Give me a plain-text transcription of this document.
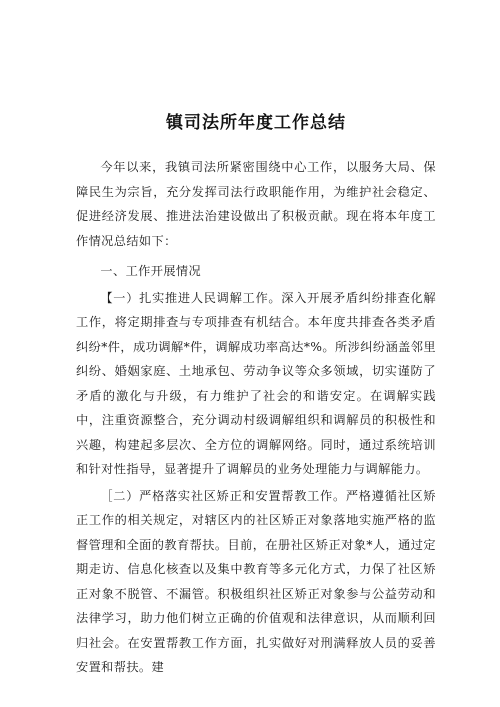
镇司法所年度工作总结

今年以来，我镇司法所紧密围绕中心工作，以服务大局、保障民生为宗旨，充分发挥司法行政职能作用，为维护社会稳定、促进经济发展、推进法治建设做出了积极贡献。现在将本年度工作情况总结如下：

一、工作开展情况

【一）扎实推进人民调解工作。深入开展矛盾纠纷排查化解工作，将定期排查与专项排查有机结合。本年度共排查各类矛盾纠纷*件，成功调解*件，调解成功率高达*%。所涉纠纷涵盖邻里纠纷、婚姻家庭、土地承包、劳动争议等众多领域，切实谨防了矛盾的激化与升级，有力维护了社会的和谐安定。在调解实践中，注重资源整合，充分调动村级调解组织和调解员的积极性和兴趣，构建起多层次、全方位的调解网络。同时，通过系统培训和针对性指导，显著提升了调解员的业务处理能力与调解能力。

［二）严格落实社区矫正和安置帮教工作。严格遵循社区矫正工作的相关规定，对辖区内的社区矫正对象落地实施严格的监督管理和全面的教育帮扶。目前，在册社区矫正对象*人，通过定期走访、信息化核查以及集中教育等多元化方式，力保了社区矫正对象不脱管、不漏管。积极组织社区矫正对象参与公益劳动和法律学习，助力他们树立正确的价值观和法律意识，从而顺利回归社会。在安置帮教工作方面，扎实做好对刑满释放人员的妥善安置和帮扶。建
